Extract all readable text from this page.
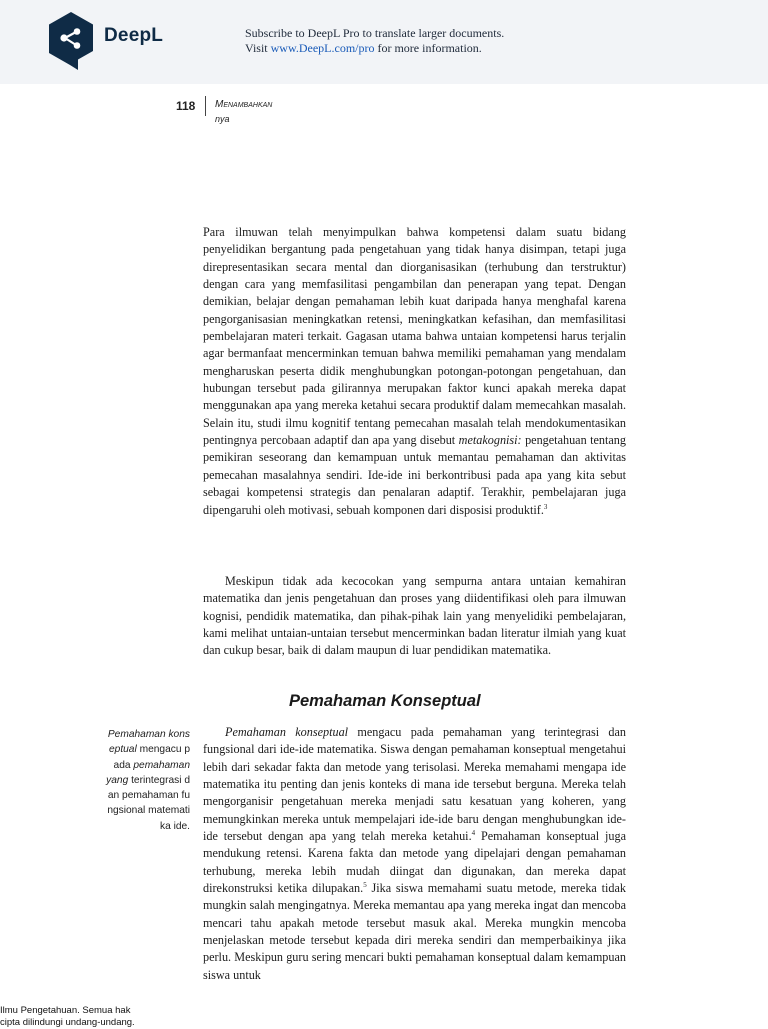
DeepL	Subscribe to DeepL Pro to translate larger documents.
Visit www.DeepL.com/pro for more information.
118 Menambahkan
nya
Para ilmuwan telah menyimpulkan bahwa kompetensi dalam suatu bidang penyelidikan bergantung pada pengetahuan yang tidak hanya disimpan, tetapi juga direpresentasikan secara mental dan diorganisasikan (terhubung dan terstruktur) dengan cara yang memfasilitasi pengambilan dan penerapan yang tepat. Dengan demikian, belajar dengan pemahaman lebih kuat daripada hanya menghafal karena pengorganisasian meningkatkan retensi, meningkatkan kefasihan, dan memfasilitasi pembelajaran materi terkait. Gagasan utama bahwa untaian kompetensi harus terjalin agar bermanfaat mencerminkan temuan bahwa memiliki pemahaman yang mendalam mengharuskan peserta didik menghubungkan potongan-potongan pengetahuan, dan hubungan tersebut pada gilirannya merupakan faktor kunci apakah mereka dapat menggunakan apa yang mereka ketahui secara produktif dalam memecahkan masalah. Selain itu, studi ilmu kognitif tentang pemecahan masalah telah mendokumentasikan pentingnya percobaan adaptif dan apa yang disebut metakognisi: pengetahuan tentang pemikiran seseorang dan kemampuan untuk memantau pemahaman dan aktivitas pemecahan masalahnya sendiri. Ide-ide ini berkontribusi pada apa yang kita sebut sebagai kompetensi strategis dan penalaran adaptif. Terakhir, pembelajaran juga dipengaruhi oleh motivasi, sebuah komponen dari disposisi produktif.$^3$
Meskipun tidak ada kecocokan yang sempurna antara untaian kemahiran matematika dan jenis pengetahuan dan proses yang diidentifikasi oleh para ilmuwan kognisi, pendidik matematika, dan pihak-pihak lain yang menyelidiki pembelajaran, kami melihat untaian-untaian tersebut mencerminkan badan literatur ilmiah yang kuat dan cukup besar, baik di dalam maupun di luar pendidikan matematika.
Pemahaman Konseptual
Pemahaman konseptual mengacu pada pemahaman yang terintegrasi dan pemahaman fungsional matematika ide.
Pemahaman konseptual mengacu pada pemahaman yang terintegrasi dan fungsional dari ide-ide matematika. Siswa dengan pemahaman konseptual mengetahui lebih dari sekadar fakta dan metode yang terisolasi. Mereka memahami mengapa ide matematika itu penting dan jenis konteks di mana ide tersebut berguna. Mereka telah mengorganisir pengetahuan mereka menjadi satu kesatuan yang koheren, yang memungkinkan mereka untuk mempelajari ide-ide baru dengan menghubungkan ide-ide tersebut dengan apa yang telah mereka ketahui.$^4$ Pemahaman konseptual juga mendukung retensi. Karena fakta dan metode yang dipelajari dengan pemahaman terhubung, mereka lebih mudah diingat dan digunakan, dan mereka dapat direkonstruksi ketika dilupakan.$^5$ Jika siswa memahami suatu metode, mereka tidak mungkin salah mengingatnya. Mereka memantau apa yang mereka ingat dan mencoba mencari tahu apakah metode tersebut masuk akal. Mereka mungkin mencoba menjelaskan metode tersebut kepada diri mereka sendiri dan memperbaikinya jika perlu. Meskipun guru sering mencari bukti pemahaman konseptual dalam kemampuan siswa untuk
Ilmu Pengetahuan. Semua hak
cipta dilindungi undang-undang.
